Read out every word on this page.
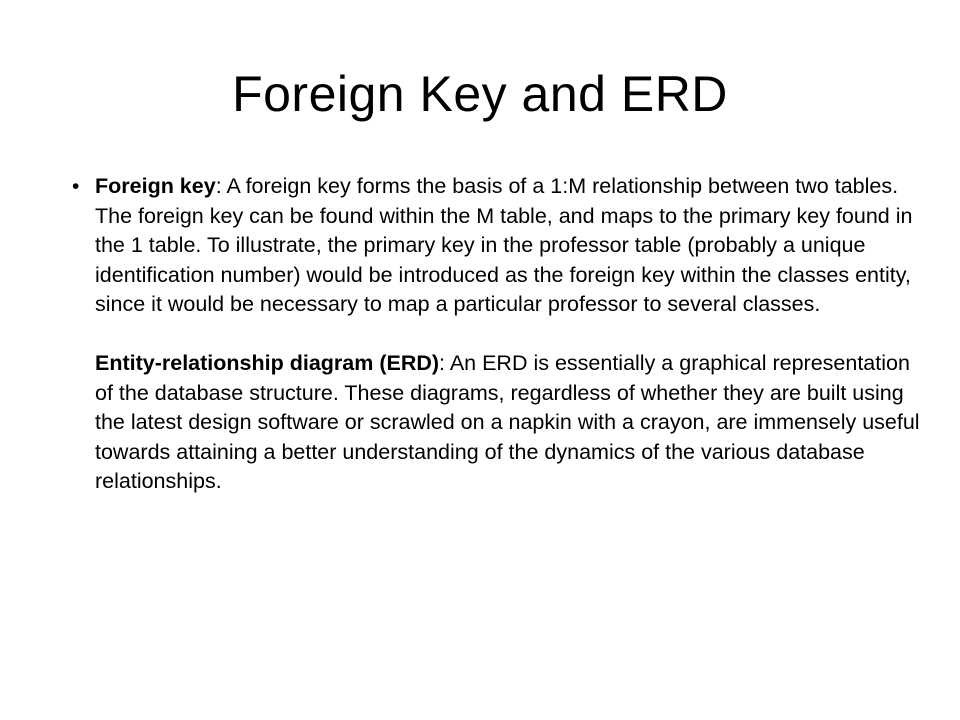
Foreign Key and ERD
• Foreign key: A foreign key forms the basis of a 1:M relationship between two tables. The foreign key can be found within the M table, and maps to the primary key found in the 1 table. To illustrate, the primary key in the professor table (probably a unique identification number) would be introduced as the foreign key within the classes entity, since it would be necessary to map a particular professor to several classes.
Entity-relationship diagram (ERD): An ERD is essentially a graphical representation of the database structure. These diagrams, regardless of whether they are built using the latest design software or scrawled on a napkin with a crayon, are immensely useful towards attaining a better understanding of the dynamics of the various database relationships.
